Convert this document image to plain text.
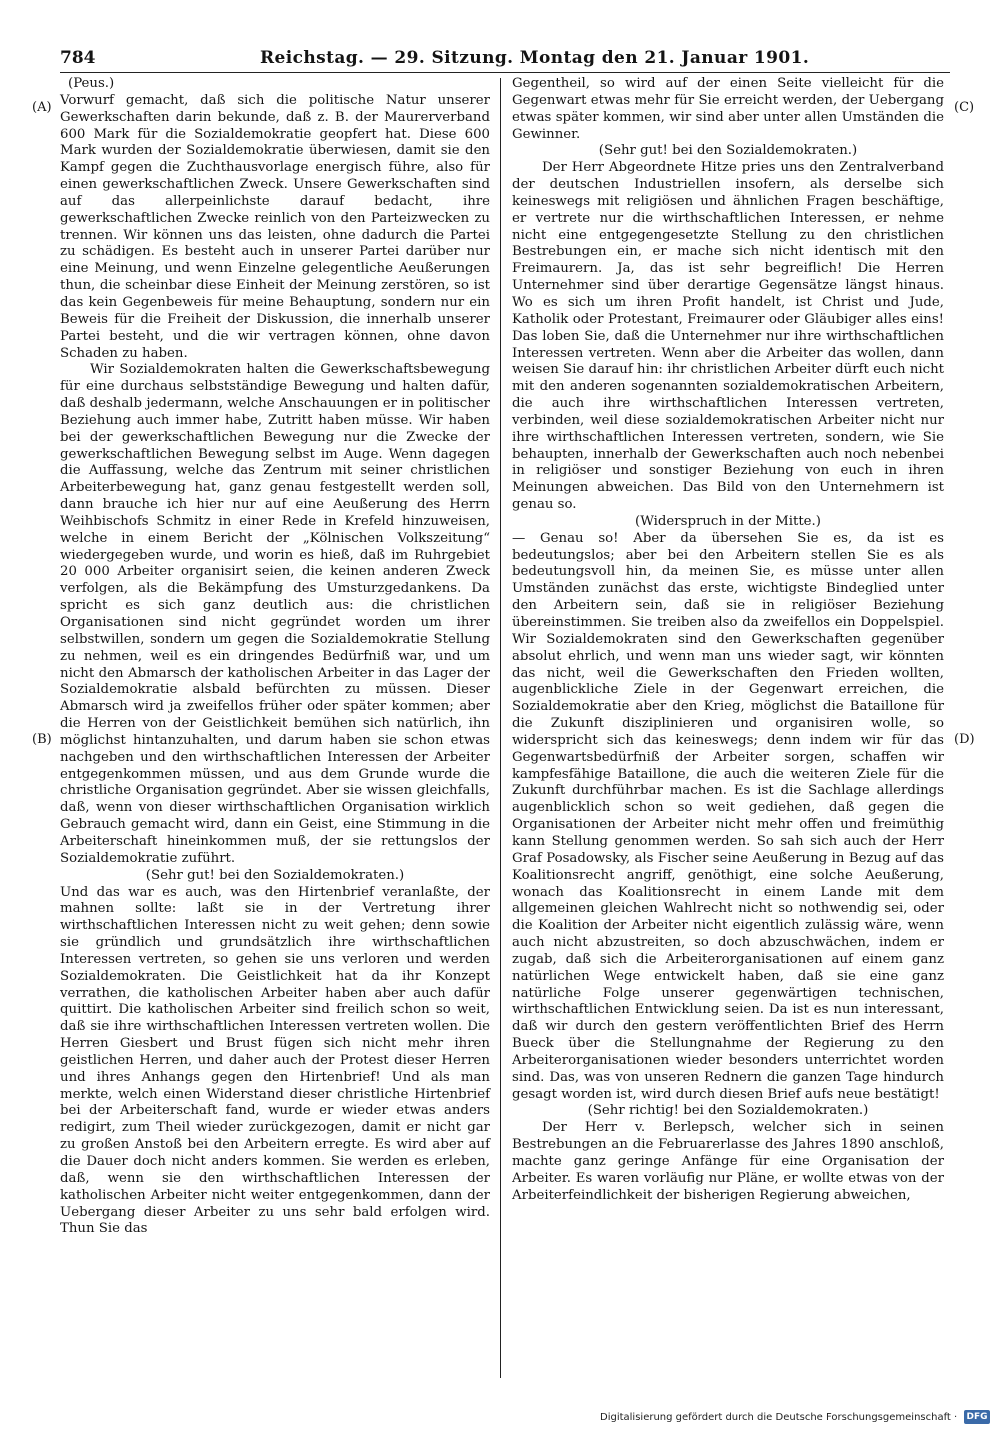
784	Reichstag. — 29. Sitzung. Montag den 21. Januar 1901.
(A)
(B)
(C)
(D)

(Peus.)

Vorwurf gemacht, daß sich die politische Natur unserer Gewerkschaften darin bekunde, daß z. B. der Maurerverband 600 Mark für die Sozialdemokratie geopfert hat. Diese 600 Mark wurden der Sozialdemokratie überwiesen, damit sie den Kampf gegen die Zuchthausvorlage energisch führe, also für einen gewerkschaftlichen Zweck. Unsere Gewerkschaften sind auf das allerpeinlichste darauf bedacht, ihre gewerkschaftlichen Zwecke reinlich von den Parteizwecken zu trennen. Wir können uns das leisten, ohne dadurch die Partei zu schädigen. Es besteht auch in unserer Partei darüber nur eine Meinung, und wenn Einzelne gelegentliche Aeußerungen thun, die scheinbar diese Einheit der Meinung zerstören, so ist das kein Gegenbeweis für meine Behauptung, sondern nur ein Beweis für die Freiheit der Diskussion, die innerhalb unserer Partei besteht, und die wir vertragen können, ohne davon Schaden zu haben.

Wir Sozialdemokraten halten die Gewerkschaftsbewegung für eine durchaus selbstständige Bewegung und halten dafür, daß deshalb jedermann, welche Anschauungen er in politischer Beziehung auch immer habe, Zutritt haben müsse. Wir haben bei der gewerkschaftlichen Bewegung nur die Zwecke der gewerkschaftlichen Bewegung selbst im Auge. Wenn dagegen die Auffassung, welche das Zentrum mit seiner christlichen Arbeiterbewegung hat, ganz genau festgestellt werden soll, dann brauche ich hier nur auf eine Aeußerung des Herrn Weihbischofs Schmitz in einer Rede in Krefeld hinzuweisen, welche in einem Bericht der „Kölnischen Volkszeitung“ wiedergegeben wurde, und worin es hieß, daß im Ruhrgebiet 20 000 Arbeiter organisirt seien, die keinen anderen Zweck verfolgen, als die Bekämpfung des Umsturzgedankens. Da spricht es sich ganz deutlich aus: die christlichen Organisationen sind nicht gegründet worden um ihrer selbstwillen, sondern um gegen die Sozialdemokratie Stellung zu nehmen, weil es ein dringendes Bedürfniß war, und um nicht den Abmarsch der katholischen Arbeiter in das Lager der Sozialdemokratie alsbald befürchten zu müssen. Dieser Abmarsch wird ja zweifellos früher oder später kommen; aber die Herren von der Geistlichkeit bemühen sich natürlich, ihn möglichst hintanzuhalten, und darum haben sie schon etwas nachgeben und den wirthschaftlichen Interessen der Arbeiter entgegenkommen müssen, und aus dem Grunde wurde die christliche Organisation gegründet. Aber sie wissen gleichfalls, daß, wenn von dieser wirthschaftlichen Organisation wirklich Gebrauch gemacht wird, dann ein Geist, eine Stimmung in die Arbeiterschaft hineinkommen muß, der sie rettungslos der Sozialdemokratie zuführt.

(Sehr gut! bei den Sozialdemokraten.)

Und das war es auch, was den Hirtenbrief veranlaßte, der mahnen sollte: laßt sie in der Vertretung ihrer wirthschaftlichen Interessen nicht zu weit gehen; denn sowie sie gründlich und grundsätzlich ihre wirthschaftlichen Interessen vertreten, so gehen sie uns verloren und werden Sozialdemokraten. Die Geistlichkeit hat da ihr Konzept verrathen, die katholischen Arbeiter haben aber auch dafür quittirt. Die katholischen Arbeiter sind freilich schon so weit, daß sie ihre wirthschaftlichen Interessen vertreten wollen. Die Herren Giesbert und Brust fügen sich nicht mehr ihren geistlichen Herren, und daher auch der Protest dieser Herren und ihres Anhangs gegen den Hirtenbrief! Und als man merkte, welch einen Widerstand dieser christliche Hirtenbrief bei der Arbeiterschaft fand, wurde er wieder etwas anders redigirt, zum Theil wieder zurückgezogen, damit er nicht gar zu großen Anstoß bei den Arbeitern erregte. Es wird aber auf die Dauer doch nicht anders kommen. Sie werden es erleben, daß, wenn sie den wirthschaftlichen Interessen der katholischen Arbeiter nicht weiter entgegenkommen, dann der Uebergang dieser Arbeiter zu uns sehr bald erfolgen wird. Thun Sie das

Gegentheil, so wird auf der einen Seite vielleicht für die Gegenwart etwas mehr für Sie erreicht werden, der Uebergang etwas später kommen, wir sind aber unter allen Umständen die Gewinner.

(Sehr gut! bei den Sozialdemokraten.)

Der Herr Abgeordnete Hitze pries uns den Zentralverband der deutschen Industriellen insofern, als derselbe sich keineswegs mit religiösen und ähnlichen Fragen beschäftige, er vertrete nur die wirthschaftlichen Interessen, er nehme nicht eine entgegengesetzte Stellung zu den christlichen Bestrebungen ein, er mache sich nicht identisch mit den Freimaurern. Ja, das ist sehr begreiflich! Die Herren Unternehmer sind über derartige Gegensätze längst hinaus. Wo es sich um ihren Profit handelt, ist Christ und Jude, Katholik oder Protestant, Freimaurer oder Gläubiger alles eins! Das loben Sie, daß die Unternehmer nur ihre wirthschaftlichen Interessen vertreten. Wenn aber die Arbeiter das wollen, dann weisen Sie darauf hin: ihr christlichen Arbeiter dürft euch nicht mit den anderen sogenannten sozialdemokratischen Arbeitern, die auch ihre wirthschaftlichen Interessen vertreten, verbinden, weil diese sozialdemokratischen Arbeiter nicht nur ihre wirthschaftlichen Interessen vertreten, sondern, wie Sie behaupten, innerhalb der Gewerkschaften auch noch nebenbei in religiöser und sonstiger Beziehung von euch in ihren Meinungen abweichen. Das Bild von den Unternehmern ist genau so.

(Widerspruch in der Mitte.)

— Genau so! Aber da übersehen Sie es, da ist es bedeutungslos; aber bei den Arbeitern stellen Sie es als bedeutungsvoll hin, da meinen Sie, es müsse unter allen Umständen zunächst das erste, wichtigste Bindeglied unter den Arbeitern sein, daß sie in religiöser Beziehung übereinstimmen. Sie treiben also da zweifellos ein Doppelspiel. Wir Sozialdemokraten sind den Gewerkschaften gegenüber absolut ehrlich, und wenn man uns wieder sagt, wir könnten das nicht, weil die Gewerkschaften den Frieden wollten, augenblickliche Ziele in der Gegenwart erreichen, die Sozialdemokratie aber den Krieg, möglichst die Bataillone für die Zukunft disziplinieren und organisiren wolle, so widerspricht sich das keineswegs; denn indem wir für das Gegenwartsbedürfniß der Arbeiter sorgen, schaffen wir kampfesfähige Bataillone, die auch die weiteren Ziele für die Zukunft durchführbar machen. Es ist die Sachlage allerdings augenblicklich schon so weit gediehen, daß gegen die Organisationen der Arbeiter nicht mehr offen und freimüthig kann Stellung genommen werden. So sah sich auch der Herr Graf Posadowsky, als Fischer seine Aeußerung in Bezug auf das Koalitionsrecht angriff, genöthigt, eine solche Aeußerung, wonach das Koalitionsrecht in einem Lande mit dem allgemeinen gleichen Wahlrecht nicht so nothwendig sei, oder die Koalition der Arbeiter nicht eigentlich zulässig wäre, wenn auch nicht abzustreiten, so doch abzuschwächen, indem er zugab, daß sich die Arbeiterorganisationen auf einem ganz natürlichen Wege entwickelt haben, daß sie eine ganz natürliche Folge unserer gegenwärtigen technischen, wirthschaftlichen Entwicklung seien. Da ist es nun interessant, daß wir durch den gestern veröffentlichten Brief des Herrn Bueck über die Stellungnahme der Regierung zu den Arbeiterorganisationen wieder besonders unterrichtet worden sind. Das, was von unseren Rednern die ganzen Tage hindurch gesagt worden ist, wird durch diesen Brief aufs neue bestätigt!

(Sehr richtig! bei den Sozialdemokraten.)

Der Herr v. Berlepsch, welcher sich in seinen Bestrebungen an die Februarerlasse des Jahres 1890 anschloß, machte ganz geringe Anfänge für eine Organisation der Arbeiter. Es waren vorläufig nur Pläne, er wollte etwas von der Arbeiterfeindlichkeit der bisherigen Regierung abweichen,

Digitalisierung gefördert durch die Deutsche Forschungsgemeinschaft · DFG
